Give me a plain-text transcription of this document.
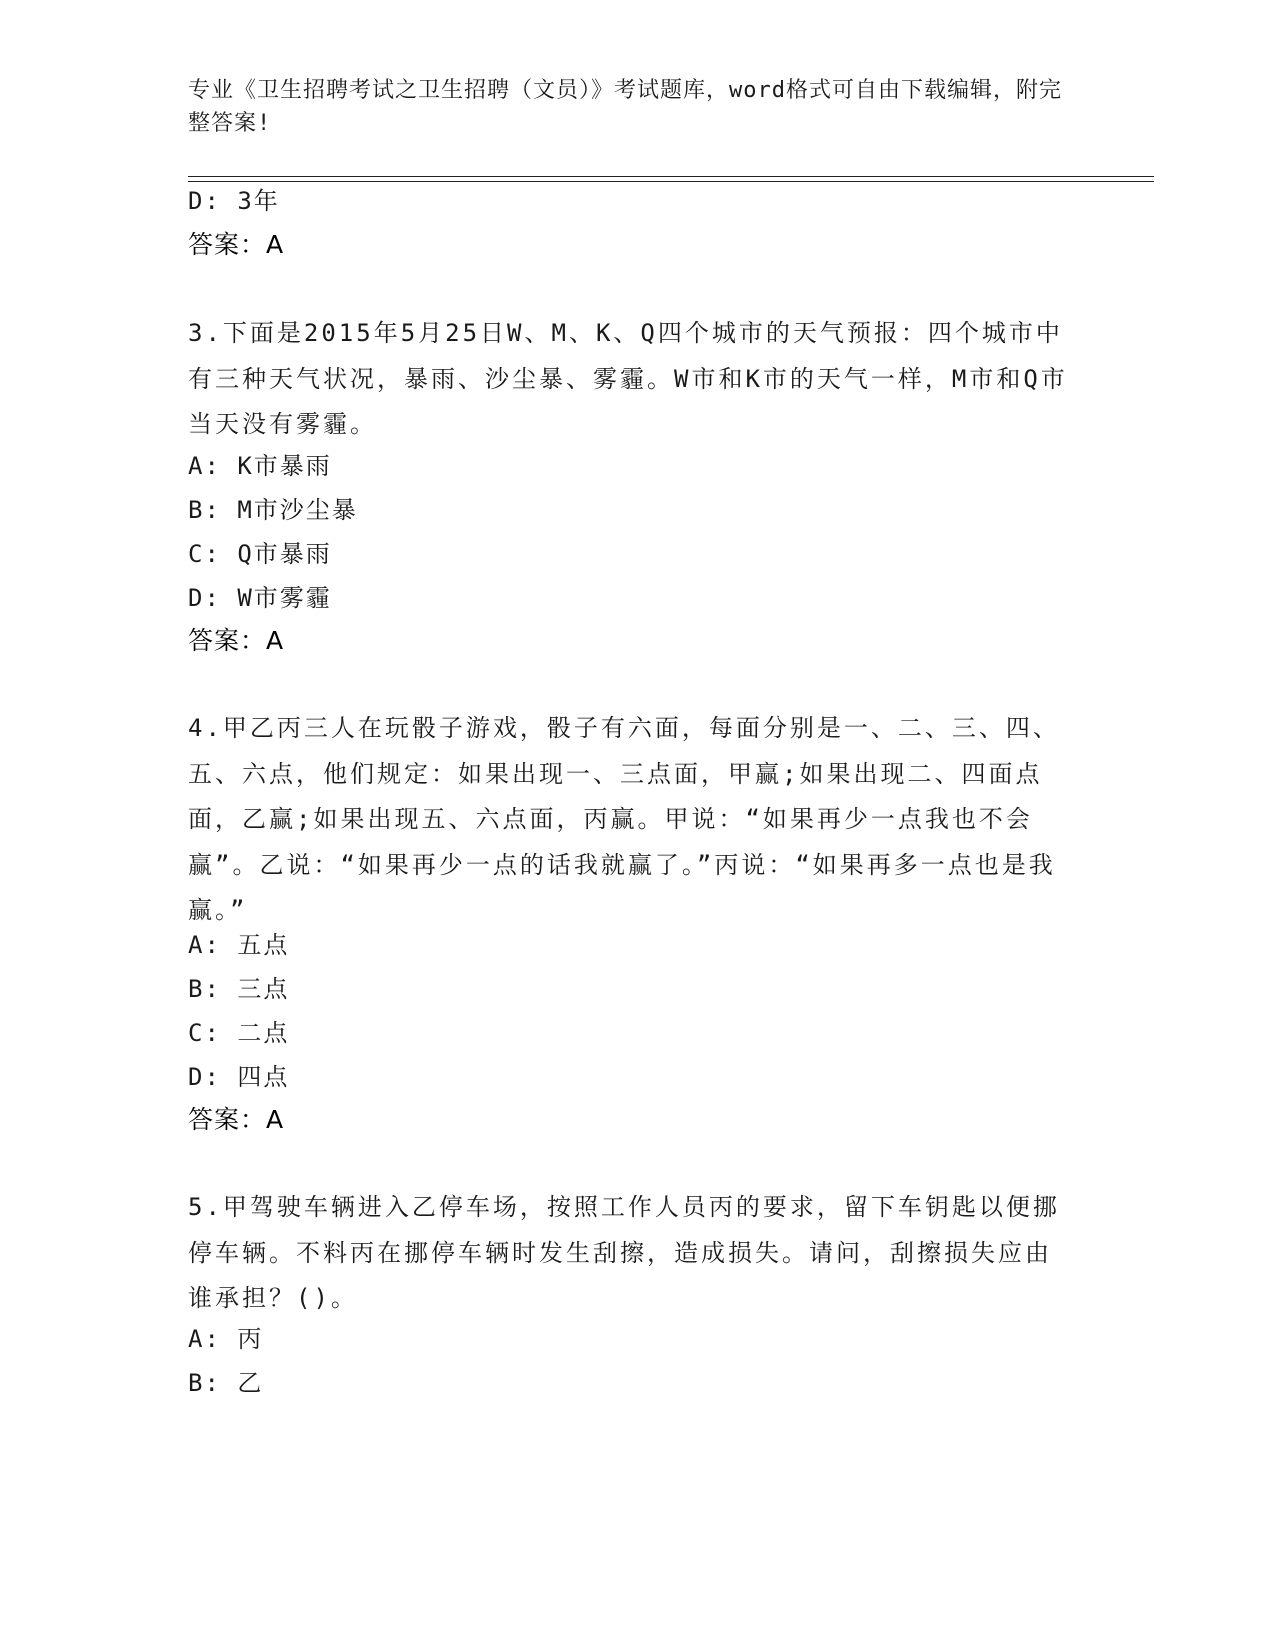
专业《卫生招聘考试之卫生招聘（文员）》考试题库，word格式可自由下载编辑，附完整答案!
D: 3年
答案：A
3.下面是2015年5月25日W、M、K、Q四个城市的天气预报：四个城市中有三种天气状况，暴雨、沙尘暴、雾霾。W市和K市的天气一样，M市和Q市当天没有雾霾。
A: K市暴雨
B: M市沙尘暴
C: Q市暴雨
D: W市雾霾
答案：A
4.甲乙丙三人在玩骰子游戏，骰子有六面，每面分别是一、二、三、四、五、六点，他们规定：如果出现一、三点面，甲赢;如果出现二、四面点面，乙赢;如果出现五、六点面，丙赢。甲说：“如果再少一点我也不会赢”。乙说：“如果再少一点的话我就赢了。”丙说：“如果再多一点也是我赢。”
A: 五点
B: 三点
C: 二点
D: 四点
答案：A
5.甲驾驶车辆进入乙停车场，按照工作人员丙的要求，留下车钥匙以便挪停车辆。不料丙在挪停车辆时发生刮擦，造成损失。请问，刮擦损失应由谁承担？()。
A: 丙
B: 乙
